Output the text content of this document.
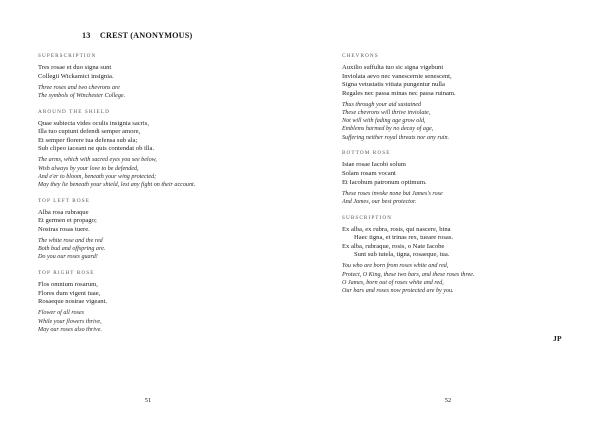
13 CREST (ANONYMOUS)
SUPERSCRIPTION
Tres rosae et duo signa sunt
Collegii Wickamici insignia.
Three roses and two chevrons are
The symbols of Winchester College.
AROUND THE SHIELD
Quae subiecta vides oculis insignia sacris,
Illa tuo cupiunt defendi semper amore,
Et semper florere tua defensa sub ala;
Sub clipeo iaceant ne quis contendat ob illa.
The arms, which with sacred eyes you see below,
Wish always by your love to be defended,
And e'er to bloom, beneath your wing protected;
May they lie beneath your shield, lest any fight on their account.
TOP LEFT ROSE
Alba rosa rubraque
Et germen et propago;
Nostras rosas tuere.
The white rose and the red
Both bud and offspring are.
Do you our roses guard!
TOP RIGHT ROSE
Flos omnium rosarum,
Flores dum vigent tuae,
Rosaeque nostrae vigeant.
Flower of all roses
While your flowers thrive,
May our roses also thrive.
51
CHEVRONS
Auxilio suffulta tuo sic signa vigebunt
Inviolata aevo nec vanescernie senescent,
Signa vetustatis vitiata pungentur nulla
Regales nec passa minas nec passa ruinam.
Thus through your aid sustained
These chevrons will thrive inviolate,
Not will with fading age grow old,
Emblems harmed by no decay of age,
Suffering neither royal threats nor any ruin.
BOTTOM ROSE
Istae rosae Iacobi solum
Solam rosam vocant
Et Iacobum patronum optimum.
These roses invoke none but James's rose
And James, our best protector.
SUBSCRIPTION
Ex alba, ex rubra, rosis, qui nascere, bina
Haec tigna, et trinas rex, tueare rosas.
Ex alba, rubraque, rosis, o Nate Iacobe
Sunt sub tutela, tigna, rosaeque, tua.
You who are born from roses white and red,
Protect, O King, these two bars, and these roses three.
O James, born out of roses white and red,
Our bars and roses now protected are by you.
JP
52
